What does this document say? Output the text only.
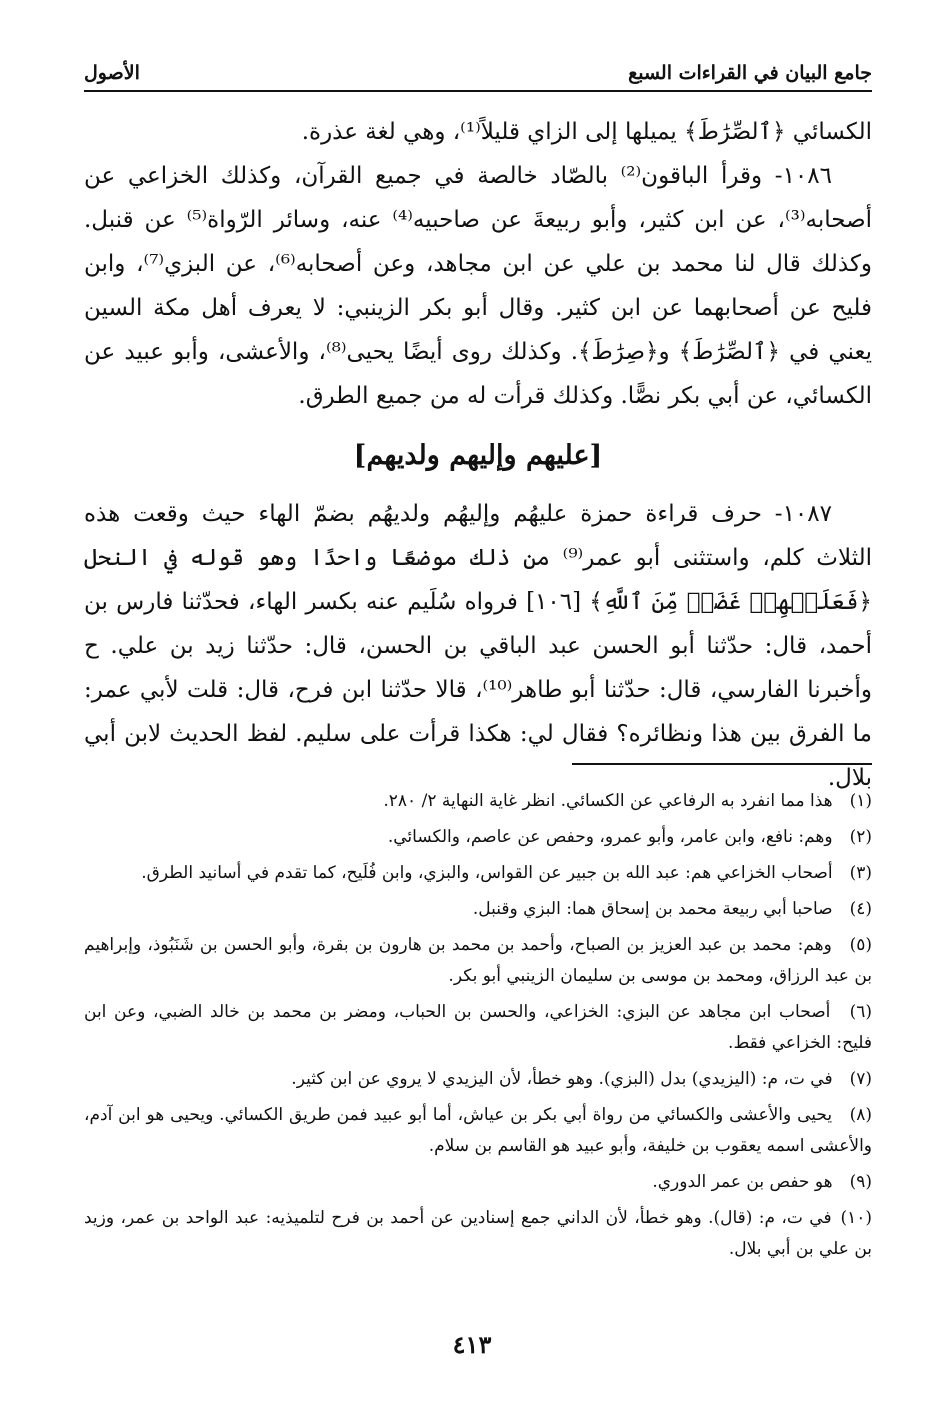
جامع البيان في القراءات السبع
الأصول

الكسائي ﴿ٱلصِّرَٰطَ﴾ يميلها إلى الزاي قليلاً⁽¹⁾، وهي لغة عذرة.

١٠٨٦- وقرأ الباقون⁽²⁾ بالصّاد خالصة في جميع القرآن، وكذلك الخزاعي عن أصحابه⁽³⁾، عن ابن كثير، وأبو ربيعةَ عن صاحبيه⁽⁴⁾ عنه، وسائر الرّواة⁽⁵⁾ عن قنبل. وكذلك قال لنا محمد بن علي عن ابن مجاهد، وعن أصحابه⁽⁶⁾، عن البزي⁽⁷⁾، وابن فليح عن أصحابهما عن ابن كثير. وقال أبو بكر الزينبي: لا يعرف أهل مكة السين يعني في ﴿ٱلصِّرَٰطَ﴾ و﴿صِرَٰطَ﴾. وكذلك روى أيضًا يحيى⁽⁸⁾، والأعشى، وأبو عبيد عن الكسائي، عن أبي بكر نصًّا. وكذلك قرأت له من جميع الطرق.

[عليهم وإليهم ولديهم]

١٠٨٧- حرف قراءة حمزة عليهُم وإليهُم ولديهُم بضمّ الهاء حيث وقعت هذه الثلاث كلم، واستثنى أبو عمر⁽⁹⁾ من ذلك موضعًا واحدًا وهو قوله في النحل ﴿فَعَلَيۡهِمۡ غَضَبٞ مِّنَ ٱللَّهِ﴾ [١٠٦] فرواه سُلَيم عنه بكسر الهاء، فحدّثنا فارس بن أحمد، قال: حدّثنا أبو الحسن عبد الباقي بن الحسن، قال: حدّثنا زيد بن علي. ح وأخبرنا الفارسي، قال: حدّثنا أبو طاهر⁽¹⁰⁾، قالا حدّثنا ابن فرح، قال: قلت لأبي عمر: ما الفرق بين هذا ونظائره؟ فقال لي: هكذا قرأت على سليم. لفظ الحديث لابن أبي بلال.

(١) هذا مما انفرد به الرفاعي عن الكسائي. انظر غاية النهاية ٢/ ٢٨٠.
(٢) وهم: نافع، وابن عامر، وأبو عمرو، وحفص عن عاصم، والكسائي.
(٣) أصحاب الخزاعي هم: عبد الله بن جبير عن القواس، والبزي، وابن فُلَيح، كما تقدم في أسانيد الطرق.
(٤) صاحبا أبي ربيعة محمد بن إسحاق هما: البزي وقنبل.
(٥) وهم: محمد بن عبد العزيز بن الصباح، وأحمد بن محمد بن هارون بن بقرة، وأبو الحسن بن شَنَبُوذ، وإبراهيم بن عبد الرزاق، ومحمد بن موسى بن سليمان الزينبي أبو بكر.
(٦) أصحاب ابن مجاهد عن البزي: الخزاعي، والحسن بن الحباب، ومضر بن محمد بن خالد الضبي، وعن ابن فليح: الخزاعي فقط.
(٧) في ت، م: (اليزيدي) بدل (البزي). وهو خطأ، لأن اليزيدي لا يروي عن ابن كثير.
(٨) يحيى والأعشى والكسائي من رواة أبي بكر بن عياش، أما أبو عبيد فمن طريق الكسائي. ويحيى هو ابن آدم، والأعشى اسمه يعقوب بن خليفة، وأبو عبيد هو القاسم بن سلام.
(٩) هو حفص بن عمر الدوري.
(١٠) في ت، م: (قال). وهو خطأ، لأن الداني جمع إسنادين عن أحمد بن فرح لتلميذيه: عبد الواحد بن عمر، وزيد بن علي بن أبي بلال.
٤١٣
